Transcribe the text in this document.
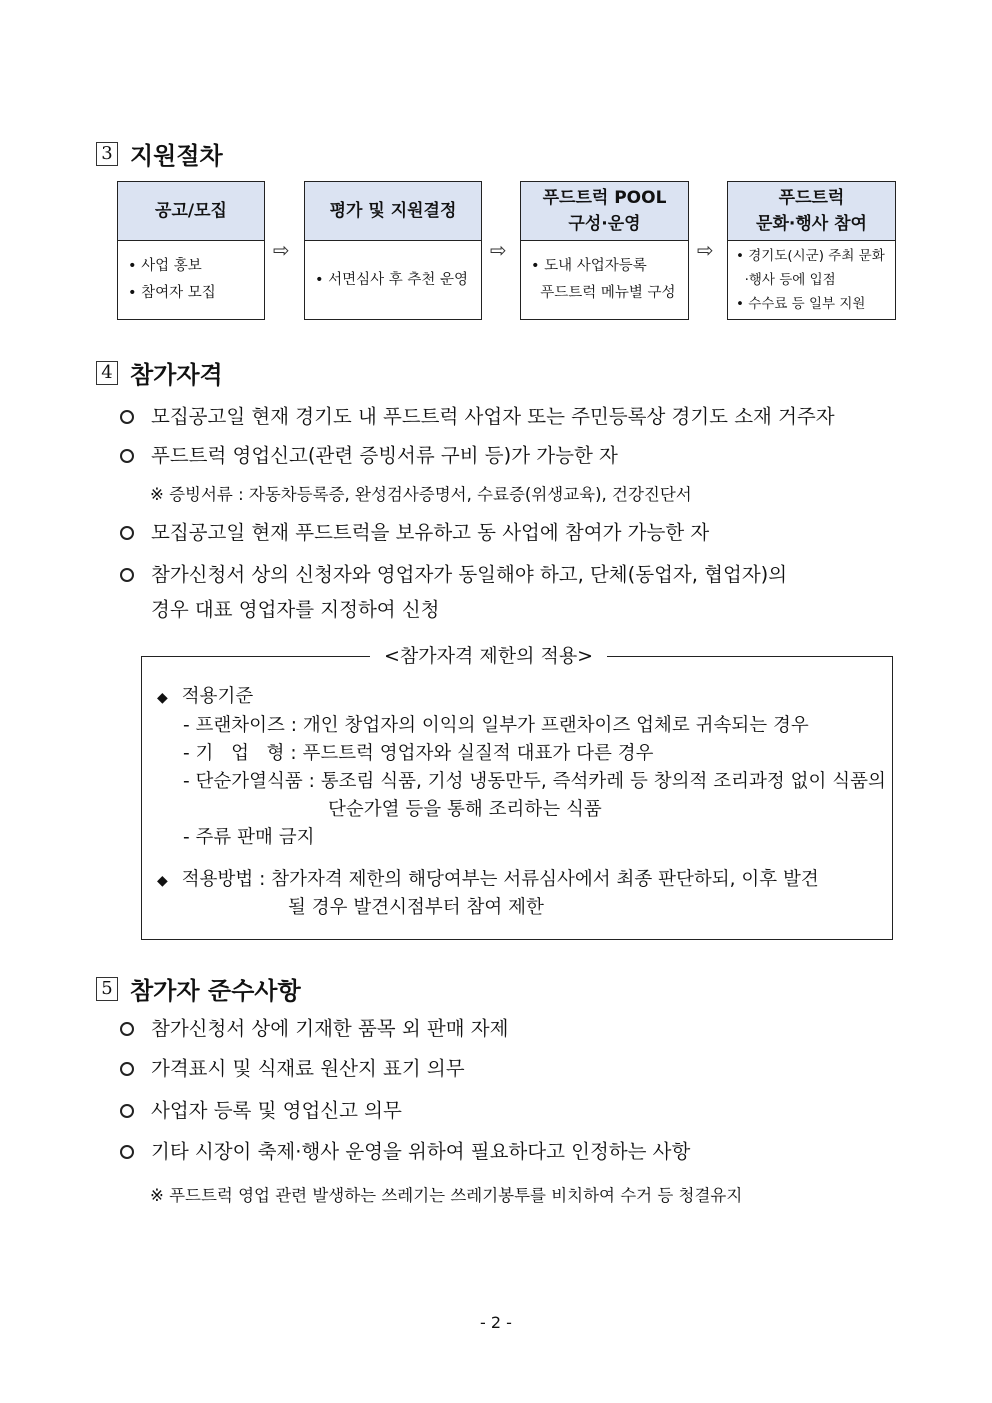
3 지원절차
공고/모집
• 사업 홍보
• 참여자 모집
⇨
평가 및 지원결정
• 서면심사 후 추천 운영
⇨
푸드트럭 POOL
구성·운영
• 도내 사업자등록
푸드트럭 메뉴별 구성
⇨
푸드트럭
문화·행사 참여
• 경기도(시군) 주최 문화
·행사 등에 입점
• 수수료 등 일부 지원
4 참가자격
모집공고일 현재 경기도 내 푸드트럭 사업자 또는 주민등록상 경기도 소재 거주자
푸드트럭 영업신고(관련 증빙서류 구비 등)가 가능한 자
※ 증빙서류 : 자동차등록증, 완성검사증명서, 수료증(위생교육), 건강진단서
모집공고일 현재 푸드트럭을 보유하고 동 사업에 참여가 가능한 자
참가신청서 상의 신청자와 영업자가 동일해야 하고, 단체(동업자, 협업자)의
경우 대표 영업자를 지정하여 신청
<참가자격 제한의 적용>
◆ 적용기준
- 프랜차이즈 : 개인 창업자의 이익의 일부가 프랜차이즈 업체로 귀속되는 경우
- 기   업   형 : 푸드트럭 영업자와 실질적 대표가 다른 경우
- 단순가열식품 : 통조림 식품, 기성 냉동만두, 즉석카레 등 창의적 조리과정 없이 식품의
단순가열 등을 통해 조리하는 식품
- 주류 판매 금지
◆ 적용방법 : 참가자격 제한의 해당여부는 서류심사에서 최종 판단하되, 이후 발견
될 경우 발견시점부터 참여 제한
5 참가자 준수사항
참가신청서 상에 기재한 품목 외 판매 자제
가격표시 및 식재료 원산지 표기 의무
사업자 등록 및 영업신고 의무
기타 시장이 축제·행사 운영을 위하여 필요하다고 인정하는 사항
※ 푸드트럭 영업 관련 발생하는 쓰레기는 쓰레기봉투를 비치하여 수거 등 청결유지
- 2 -
